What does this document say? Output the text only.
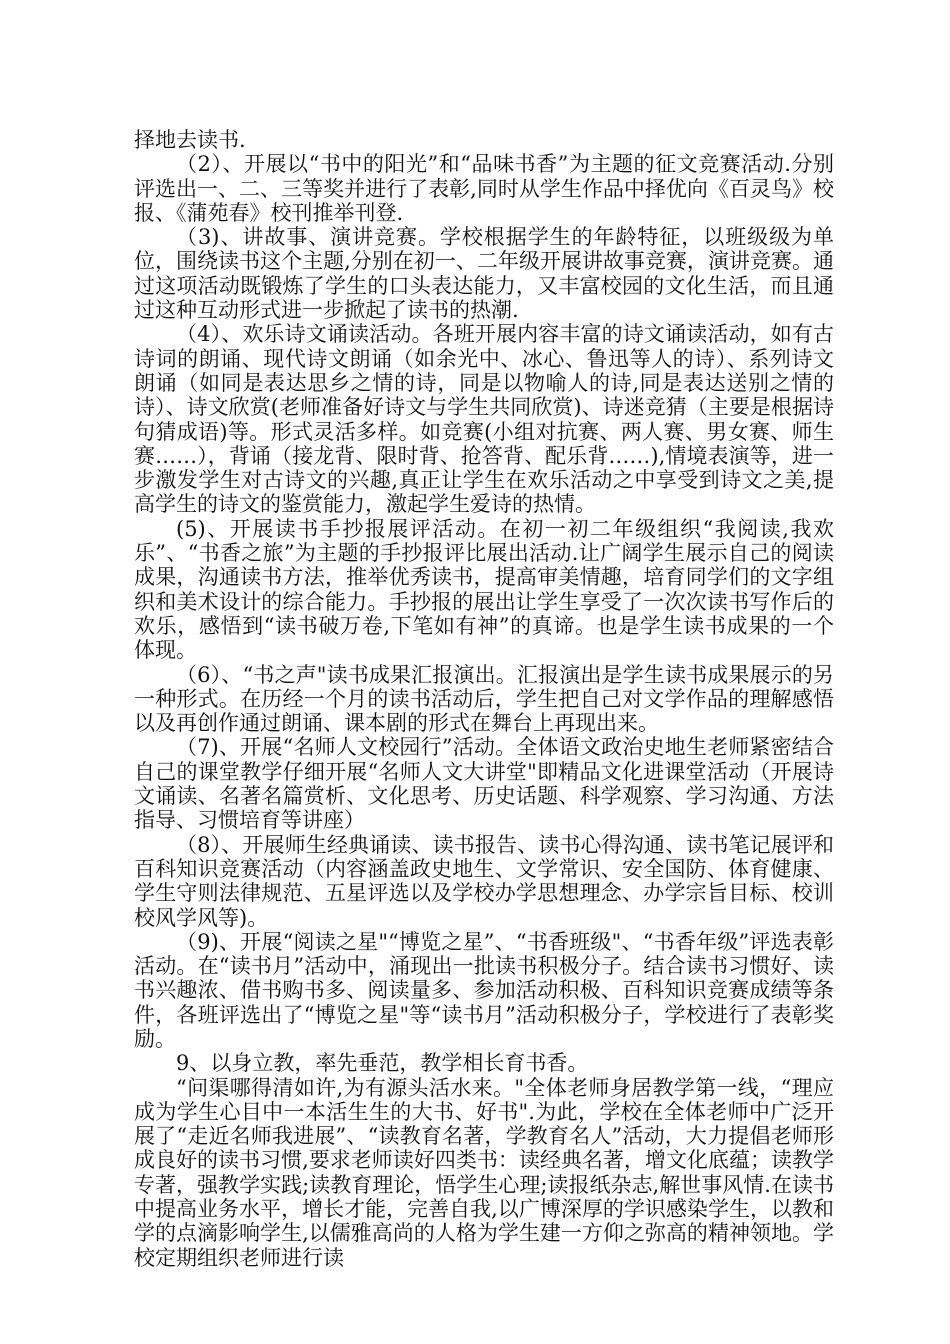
择地去读书.

（2）、开展以“书中的阳光”和“品味书香”为主题的征文竞赛活动.分别评选出一、二、三等奖并进行了表彰,同时从学生作品中择优向《百灵鸟》校报、《蒲苑春》校刊推举刊登.

（3)、讲故事、演讲竞赛。学校根据学生的年龄特征，以班级级为单位，围绕读书这个主题,分别在初一、二年级开展讲故事竞赛，演讲竞赛。通过这项活动既锻炼了学生的口头表达能力，又丰富校园的文化生活，而且通过这种互动形式进一步掀起了读书的热潮.

（4）、欢乐诗文诵读活动。各班开展内容丰富的诗文诵读活动，如有古诗词的朗诵、现代诗文朗诵（如余光中、冰心、鲁迅等人的诗）、系列诗文朗诵（如同是表达思乡之情的诗，同是以物喻人的诗,同是表达送别之情的诗）、诗文欣赏(老师准备好诗文与学生共同欣赏)、诗迷竞猜（主要是根据诗句猜成语)等。形式灵活多样。如竞赛(小组对抗赛、两人赛、男女赛、师生赛……），背诵（接龙背、限时背、抢答背、配乐背……),情境表演等，进一步激发学生对古诗文的兴趣,真正让学生在欢乐活动之中享受到诗文之美,提高学生的诗文的鉴赏能力，激起学生爱诗的热情。

(5)、开展读书手抄报展评活动。在初一初二年级组织“我阅读,我欢乐”、“书香之旅”为主题的手抄报评比展出活动.让广阔学生展示自己的阅读成果，沟通读书方法，推举优秀读书，提高审美情趣，培育同学们的文字组织和美术设计的综合能力。手抄报的展出让学生享受了一次次读书写作后的欢乐，感悟到“读书破万卷,下笔如有神”的真谛。也是学生读书成果的一个体现。

（6）、“书之声"读书成果汇报演出。汇报演出是学生读书成果展示的另一种形式。在历经一个月的读书活动后，学生把自己对文学作品的理解感悟以及再创作通过朗诵、课本剧的形式在舞台上再现出来。

（7)、开展“名师人文校园行”活动。全体语文政治史地生老师紧密结合自己的课堂教学仔细开展“名师人文大讲堂"即精品文化进课堂活动（开展诗文诵读、名著名篇赏析、文化思考、历史话题、科学观察、学习沟通、方法指导、习惯培育等讲座）

（8）、开展师生经典诵读、读书报告、读书心得沟通、读书笔记展评和百科知识竞赛活动（内容涵盖政史地生、文学常识、安全国防、体育健康、学生守则法律规范、五星评选以及学校办学思想理念、办学宗旨目标、校训校风学风等)。

（9)、开展“阅读之星"“博览之星”、“书香班级"、“书香年级”评选表彰活动。在“读书月”活动中，涌现出一批读书积极分子。结合读书习惯好、读书兴趣浓、借书购书多、阅读量多、参加活动积极、百科知识竞赛成绩等条件，各班评选出了“博览之星"等“读书月”活动积极分子，学校进行了表彰奖励。

9、以身立教，率先垂范，教学相长育书香。

“问渠哪得清如许,为有源头活水来。"全体老师身居教学第一线，“理应成为学生心目中一本活生生的大书、好书".为此，学校在全体老师中广泛开展了“走近名师我进展”、“读教育名著，学教育名人”活动，大力提倡老师形成良好的读书习惯,要求老师读好四类书：读经典名著，增文化底蕴；读教学专著，强教学实践;读教育理论，悟学生心理;读报纸杂志,解世事风情.在读书中提高业务水平，增长才能，完善自我,以广博深厚的学识感染学生，以教和学的点滴影响学生,以儒雅高尚的人格为学生建一方仰之弥高的精神领地。学校定期组织老师进行读
